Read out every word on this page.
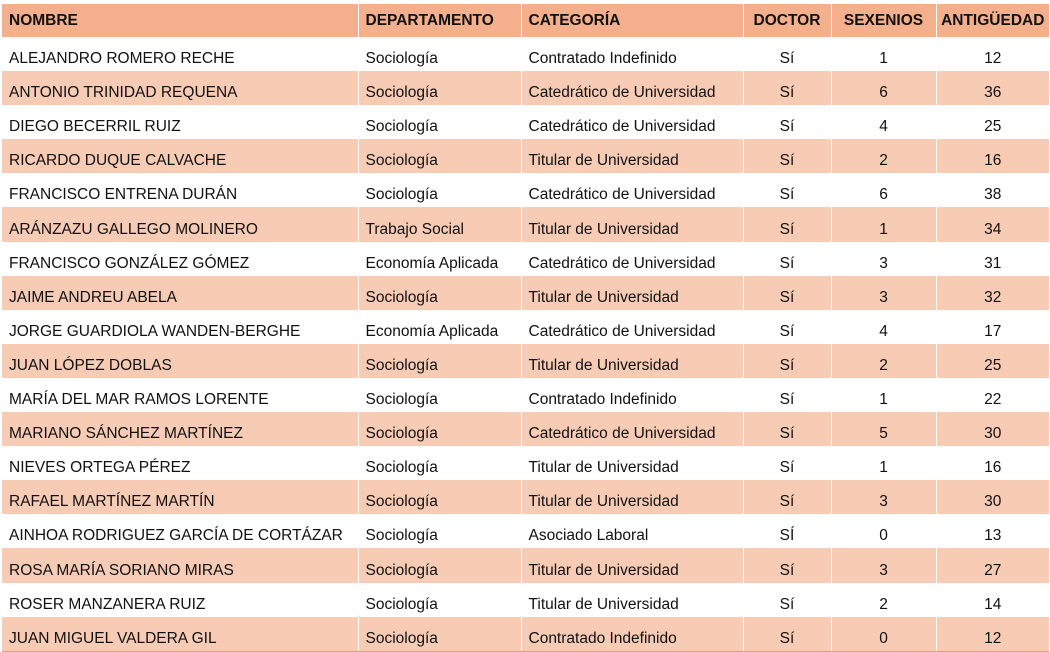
NOMBRE	DEPARTAMENTO	CATEGORÍA	DOCTOR	SEXENIOS	ANTIGÜEDAD
ALEJANDRO ROMERO RECHE	Sociología	Contratado Indefinido	Sí	1	12
ANTONIO TRINIDAD REQUENA	Sociología	Catedrático de Universidad	Sí	6	36
DIEGO BECERRIL RUIZ	Sociología	Catedrático de Universidad	Sí	4	25
RICARDO DUQUE CALVACHE	Sociología	Titular de Universidad	Sí	2	16
FRANCISCO ENTRENA DURÁN	Sociología	Catedrático de Universidad	Sí	6	38
ARÁNZAZU GALLEGO MOLINERO	Trabajo Social	Titular de Universidad	Sí	1	34
FRANCISCO GONZÁLEZ GÓMEZ	Economía Aplicada	Catedrático de Universidad	Sí	3	31
JAIME ANDREU ABELA	Sociología	Titular de Universidad	Sí	3	32
JORGE GUARDIOLA WANDEN-BERGHE	Economía Aplicada	Catedrático de Universidad	Sí	4	17
JUAN LÓPEZ DOBLAS	Sociología	Titular de Universidad	Sí	2	25
MARÍA DEL MAR RAMOS LORENTE	Sociología	Contratado Indefinido	Sí	1	22
MARIANO SÁNCHEZ MARTÍNEZ	Sociología	Catedrático de Universidad	Sí	5	30
NIEVES ORTEGA PÉREZ	Sociología	Titular de Universidad	Sí	1	16
RAFAEL MARTÍNEZ MARTÍN	Sociología	Titular de Universidad	Sí	3	30
AINHOA RODRIGUEZ GARCÍA DE CORTÁZAR	Sociología	Asociado Laboral	SÍ	0	13
ROSA MARÍA SORIANO MIRAS	Sociología	Titular de Universidad	Sí	3	27
ROSER MANZANERA RUIZ	Sociología	Titular de Universidad	Sí	2	14
JUAN MIGUEL VALDERA GIL	Sociología	Contratado Indefinido	Sí	0	12
